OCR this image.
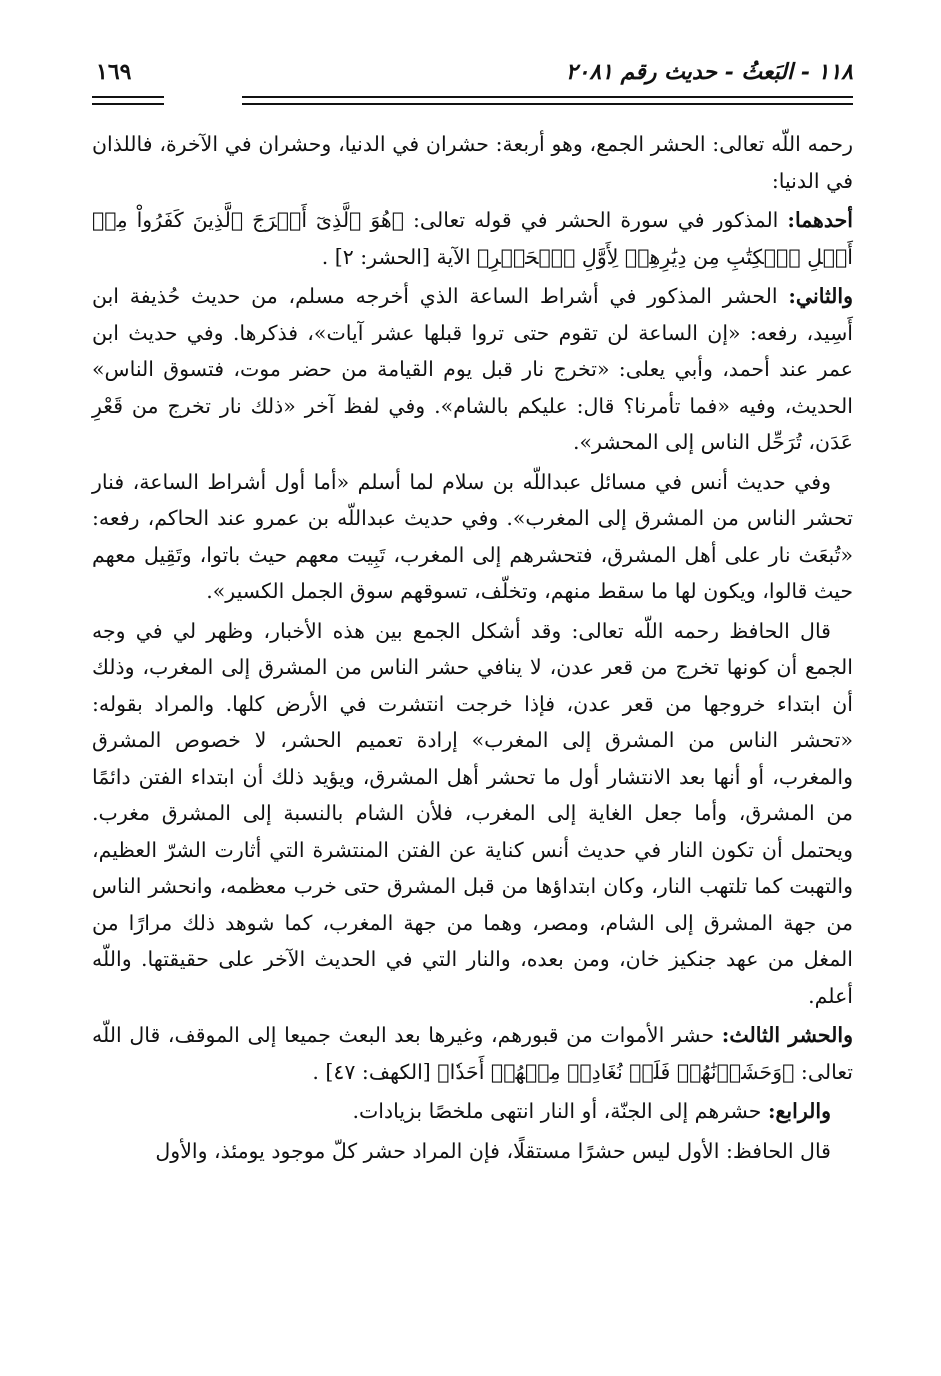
١١٨ - البَعثُ - حديث رقم ٢٠٨١
١٦٩

رحمه اللّه تعالى: الحشر الجمع، وهو أربعة: حشران في الدنيا، وحشران في الآخرة، فاللذان في الدنيا:

أحدهما: المذكور في سورة الحشر في قوله تعالى: ﴿هُوَ ٱلَّذِىٓ أَخۡرَجَ ٱلَّذِينَ كَفَرُواْ مِنۡ أَهۡلِ ٱلۡكِتَٰبِ مِن دِيَٰرِهِمۡ لِأَوَّلِ ٱلۡحَشۡرِ﴾ الآية [الحشر: ٢] .

والثاني: الحشر المذكور في أشراط الساعة الذي أخرجه مسلم، من حديث حُذيفة ابن أَسِيد، رفعه: «إن الساعة لن تقوم حتى تروا قبلها عشر آيات»، فذكرها. وفي حديث ابن عمر عند أحمد، وأبي يعلى: «تخرج نار قبل يوم القيامة من حضر موت، فتسوق الناس» الحديث، وفيه «فما تأمرنا؟ قال: عليكم بالشام». وفي لفظ آخر «ذلك نار تخرج من قَعْرِ عَدَن، تُرَحِّل الناس إلى المحشر».

وفي حديث أنس في مسائل عبداللّه بن سلام لما أسلم «أما أول أشراط الساعة، فنار تحشر الناس من المشرق إلى المغرب». وفي حديث عبداللّه بن عمرو عند الحاكم، رفعه: «تُبعَث نار على أهل المشرق، فتحشرهم إلى المغرب، تَبِيت معهم حيث باتوا، وتَقِيل معهم حيث قالوا، ويكون لها ما سقط منهم، وتخلّف، تسوقهم سوق الجمل الكسير».

قال الحافظ رحمه اللّه تعالى: وقد أشكل الجمع بين هذه الأخبار، وظهر لي في وجه الجمع أن كونها تخرج من قعر عدن، لا ينافي حشر الناس من المشرق إلى المغرب، وذلك أن ابتداء خروجها من قعر عدن، فإذا خرجت انتشرت في الأرض كلها. والمراد بقوله: «تحشر الناس من المشرق إلى المغرب» إرادة تعميم الحشر، لا خصوص المشرق والمغرب، أو أنها بعد الانتشار أول ما تحشر أهل المشرق، ويؤيد ذلك أن ابتداء الفتن دائمًا من المشرق، وأما جعل الغاية إلى المغرب، فلأن الشام بالنسبة إلى المشرق مغرب. ويحتمل أن تكون النار في حديث أنس كناية عن الفتن المنتشرة التي أثارت الشرّ العظيم، والتهبت كما تلتهب النار، وكان ابتداؤها من قبل المشرق حتى خرب معظمه، وانحشر الناس من جهة المشرق إلى الشام، ومصر، وهما من جهة المغرب، كما شوهد ذلك مرارًا من المغل من عهد جنكيز خان، ومن بعده، والنار التي في الحديث الآخر على حقيقتها. واللّه أعلم.

والحشر الثالث: حشر الأموات من قبورهم، وغيرها بعد البعث جميعا إلى الموقف، قال اللّه تعالى: ﴿وَحَشَرۡنَٰهُمۡ فَلَمۡ نُغَادِرۡ مِنۡهُمۡ أَحَدٗا﴾ [الكهف: ٤٧] .

والرابع: حشرهم إلى الجنّة، أو النار انتهى ملخصًا بزيادات.

قال الحافظ: الأول ليس حشرًا مستقلًا، فإن المراد حشر كلّ موجود يومئذ، والأول
